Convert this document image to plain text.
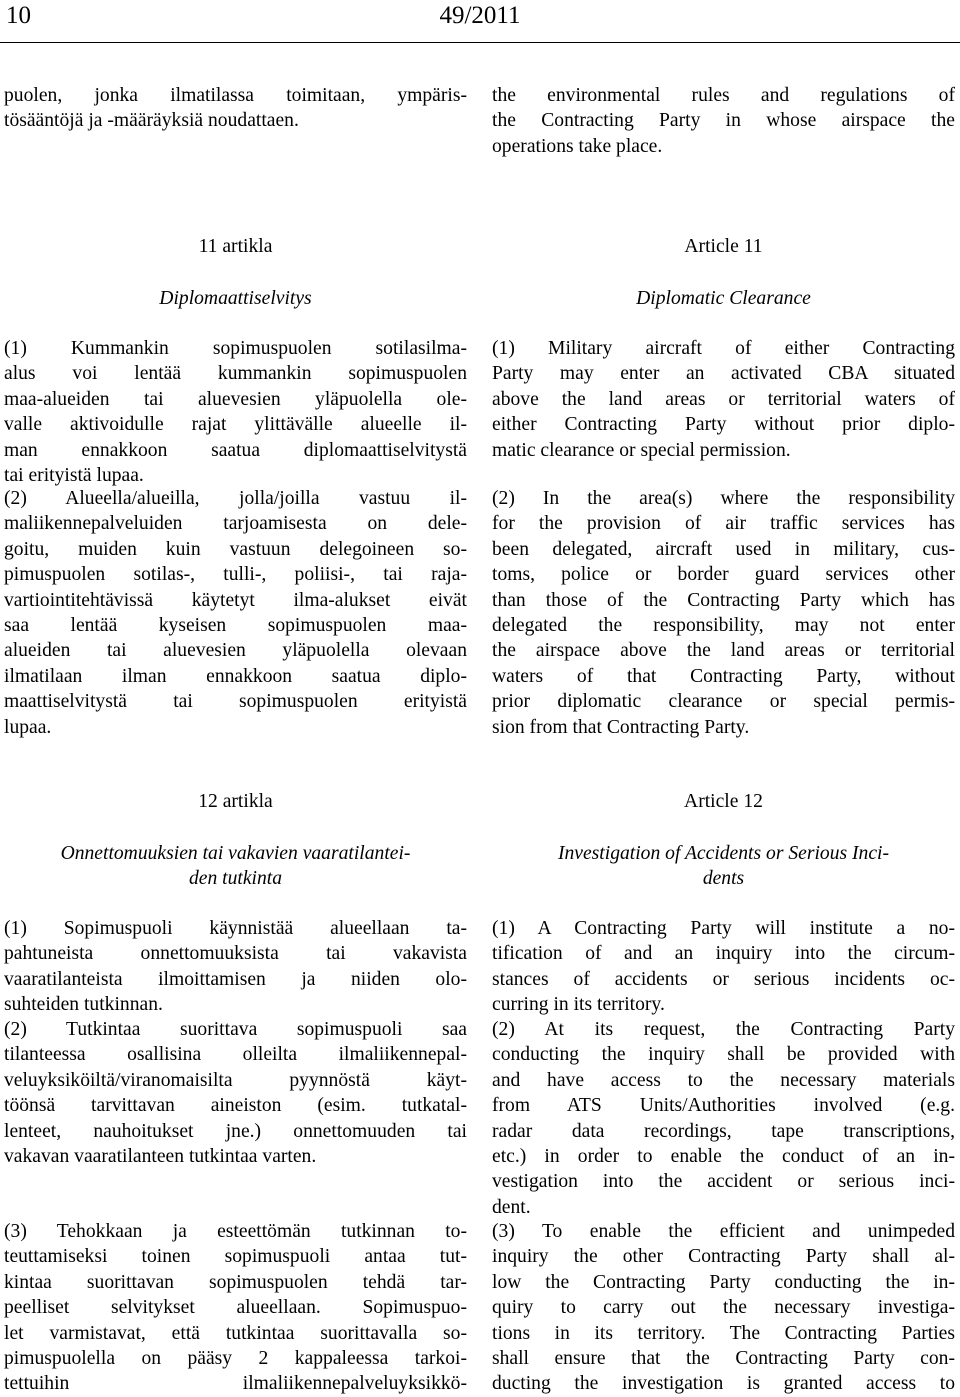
10	49/2011

puolen, jonka ilmatilassa toimitaan, ympäris-

tösääntöjä ja -määräyksiä noudattaen.

11 artikla

Diplomaattiselvitys

(1) Kummankin sopimuspuolen sotilasilma-

alus voi lentää kummankin sopimuspuolen

maa-alueiden tai aluevesien yläpuolella ole-

valle aktivoidulle rajat ylittävälle alueelle il-

man ennakkoon saatua diplomaattiselvitystä

tai erityistä lupaa.

(2) Alueella/alueilla, jolla/joilla vastuu il-

maliikennepalveluiden tarjoamisesta on dele-

goitu, muiden kuin vastuun delegoineen so-

pimuspuolen sotilas-, tulli-, poliisi-, tai raja-

vartiointitehtävissä käytetyt ilma-alukset eivät

saa lentää kyseisen sopimuspuolen maa-

alueiden tai aluevesien yläpuolella olevaan

ilmatilaan ilman ennakkoon saatua diplo-

maattiselvitystä tai sopimuspuolen erityistä

lupaa.

12 artikla

Onnettomuuksien tai vakavien vaaratilantei-

den tutkinta

(1) Sopimuspuoli käynnistää alueellaan ta-

pahtuneista onnettomuuksista tai vakavista

vaaratilanteista ilmoittamisen ja niiden olo-

suhteiden tutkinnan.

(2) Tutkintaa suorittava sopimuspuoli saa

tilanteessa osallisina olleilta ilmaliikennepal-

veluyksiköiltä/viranomaisilta pyynnöstä käyt-

töönsä tarvittavan aineiston (esim. tutkatal-

lenteet, nauhoitukset jne.) onnettomuuden tai

vakavan vaaratilanteen tutkintaa varten.

(3) Tehokkaan ja esteettömän tutkinnan to-

teuttamiseksi toinen sopimuspuoli antaa tut-

kintaa suorittavan sopimuspuolen tehdä tar-

peelliset selvitykset alueellaan. Sopimuspuo-

let varmistavat, että tutkintaa suorittavalla so-

pimuspuolella on pääsy 2 kappaleessa tarkoi-

tettuihin ilmaliikennepalveluyksikkö-

the environmental rules and regulations of

the Contracting Party in whose airspace the

operations take place.

Article 11

Diplomatic Clearance

(1) Military aircraft of either Contracting

Party may enter an activated CBA situated

above the land areas or territorial waters of

either Contracting Party without prior diplo-

matic clearance or special permission.

(2) In the area(s) where the responsibility

for the provision of air traffic services has

been delegated, aircraft used in military, cus-

toms, police or border guard services other

than those of the Contracting Party which has

delegated the responsibility, may not enter

the airspace above the land areas or territorial

waters of that Contracting Party, without

prior diplomatic clearance or special permis-

sion from that Contracting Party.

Article 12

Investigation of Accidents or Serious Inci-

dents

(1) A Contracting Party will institute a no-

tification of and an inquiry into the circum-

stances of accidents or serious incidents oc-

curring in its territory.

(2) At its request, the Contracting Party

conducting the inquiry shall be provided with

and have access to the necessary materials

from ATS Units/Authorities involved (e.g.

radar data recordings, tape transcriptions,

etc.) in order to enable the conduct of an in-

vestigation into the accident or serious inci-

dent.

(3) To enable the efficient and unimpeded

inquiry the other Contracting Party shall al-

low the Contracting Party conducting the in-

quiry to carry out the necessary investiga-

tions in its territory. The Contracting Parties

shall ensure that the Contracting Party con-

ducting the investigation is granted access to
